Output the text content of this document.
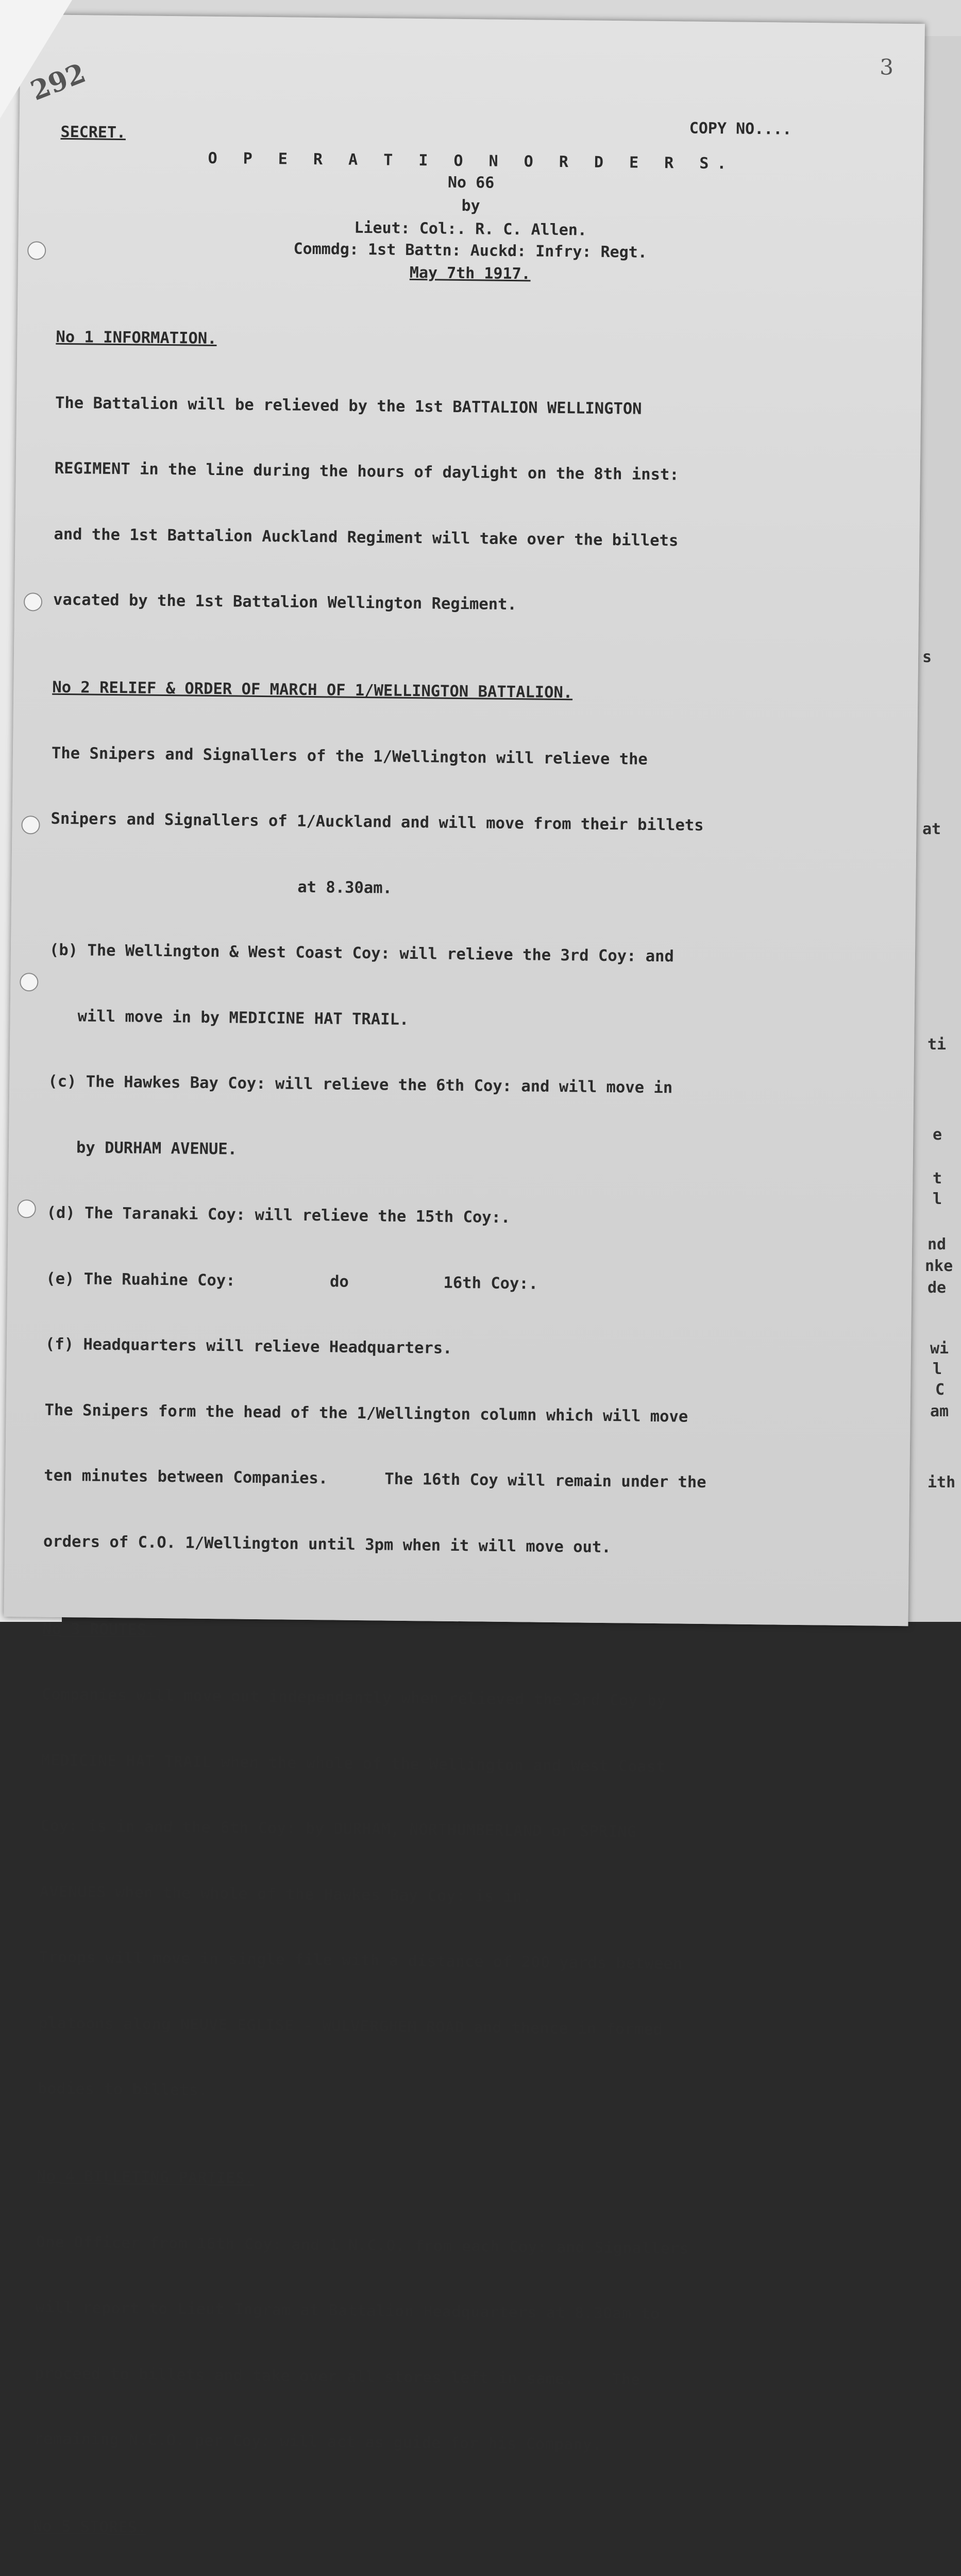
292	3
SECRET.	COPY NO....
O P E R A T I O N O R D E R S.
No 66
by
Lieut: Col:. R. C. Allen.
Commdg: 1st Battn: Auckd: Infry: Regt.
May 7th 1917.

No 1 INFORMATION.

The Battalion will be relieved by the 1st BATTALION WELLINGTON

REGIMENT in the line during the hours of daylight on the 8th inst:

and the 1st Battalion Auckland Regiment will take over the billets

vacated by the 1st Battalion Wellington Regiment.

No 2 RELIEF & ORDER OF MARCH OF 1/WELLINGTON BATTALION.

The Snipers and Signallers of the 1/Wellington will relieve the

Snipers and Signallers of 1/Auckland and will move from their billets

at 8.30am.

(b) The Wellington & West Coast Coy: will relieve the 3rd Coy: and

will move in by MEDICINE HAT TRAIL.

(c) The Hawkes Bay Coy: will relieve the 6th Coy: and will move in

by DURHAM AVENUE.

(d) The Taranaki Coy: will relieve the 15th Coy:.

(e) The Ruahine Coy:          do          16th Coy:.

(f) Headquarters will relieve Headquarters.

The Snipers form the head of the 1/Wellington column which will move

ten minutes between Companies.      The 16th Coy will remain under the

orders of C.O. 1/Wellington until 3pm when it will move out.

No 3 ROUTES.

Companies will move out independantly when relieved the 3rd Coy by

MEDICINE HAT TRAIL when the whole of the Wellington and West Coast

Coy: is in and the 6th Coy: by DURHAM, NORTHUMBERLAND or SPRING

AVENUES when the whole of the Hawkes Bay Coy: is in.

Troops will move in single file with a distance of 200 yards between

platoons along NEUVE EGLISE - WULVERGHEM ROAD and thence in formed

bodies to billets.

No 4 BILLETING PARTIES.

One Officer from 16th Coy: and 1 N.C.O. from each Coy: and Signallers

will report to Lieut Ingram at Battalion Headquarters at 8.30am to

proceed to billets and take over all stores left in same.    The

remaining N.C.O. per Coy: will act as guide for his Company.

No 5 STORES.

s
at
ti
e
t
l
nd
nke
de
wi
l
C
am
ith
